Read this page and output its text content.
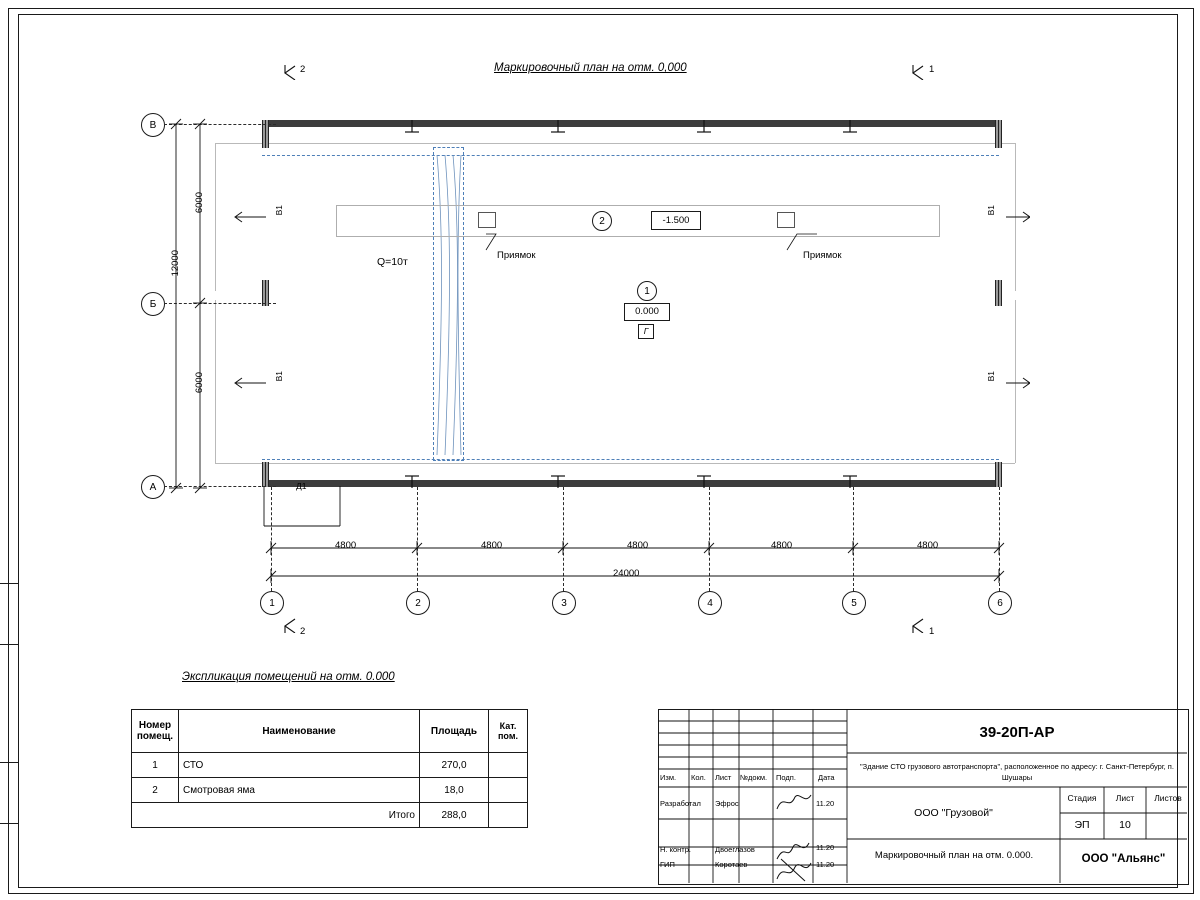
Маркировочный план на отм. 0,000
2	1
2	1
Q=10т
Приямок	Приямок
2	-1.500
1
0.000
Г
В1
В1
В1
В1
Д1
В
Б
А
1	2	3	4	5	6
4800	4800	4800	4800	4800
24000
6000
6000
12000
Экспликация помещений на отм. 0.000
Номер помещ.	Наименование	Площадь	Кат. пом.
1	СТО	270,0	
2	Смотровая яма	18,0	
	Итого	288,0	
Изм. Кол. Лист №докм. Подп.	Дата
Разработал Эфрос	11.20
Н. контр.	Двоеглазов	11.20
ГИП	Коротаев	11.20
39-20П-АР
"Здание СТО грузового автотранспорта", расположенное по адресу: г. Санкт-Петербург, п. Шушары
ООО "Грузовой"
Маркировочный план на отм. 0.000.
Стадия	Лист	Листов
ЭП	10
ООО "Альянс"
